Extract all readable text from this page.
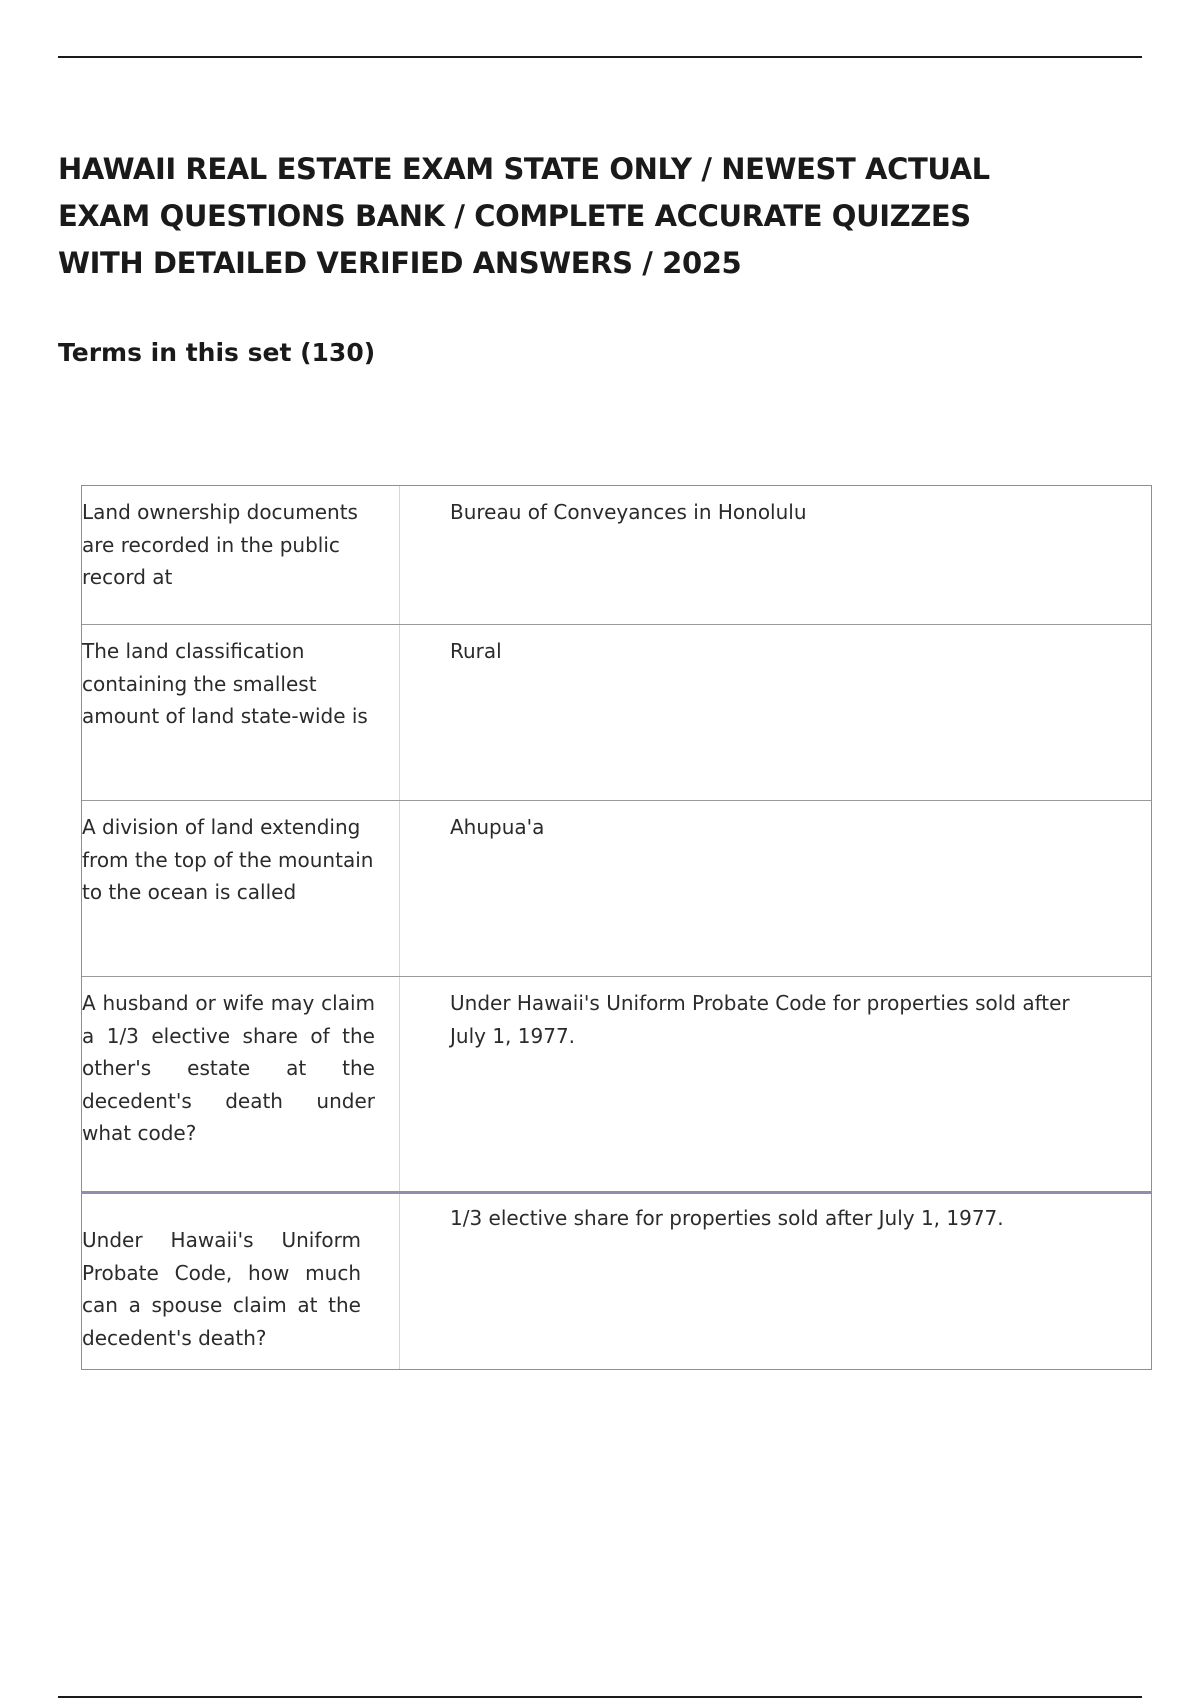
HAWAII REAL ESTATE EXAM STATE ONLY / NEWEST ACTUAL
EXAM QUESTIONS BANK / COMPLETE ACCURATE QUIZZES
WITH DETAILED VERIFIED ANSWERS / 2025
Terms in this set (130)
Land ownership documents are recorded in the public record at
Bureau of Conveyances in Honolulu
The land classification containing the smallest amount of land state-wide is
Rural
A division of land extending from the top of the mountain to the ocean is called
Ahupua'a
A husband or wife may claim a 1/3 elective share of the other's estate at the decedent's death under what code?
Under Hawaii's Uniform Probate Code for properties sold after July 1, 1977.
Under Hawaii's Uniform Probate Code, how much can a spouse claim at the decedent's death?
1/3 elective share for properties sold after July 1, 1977.
